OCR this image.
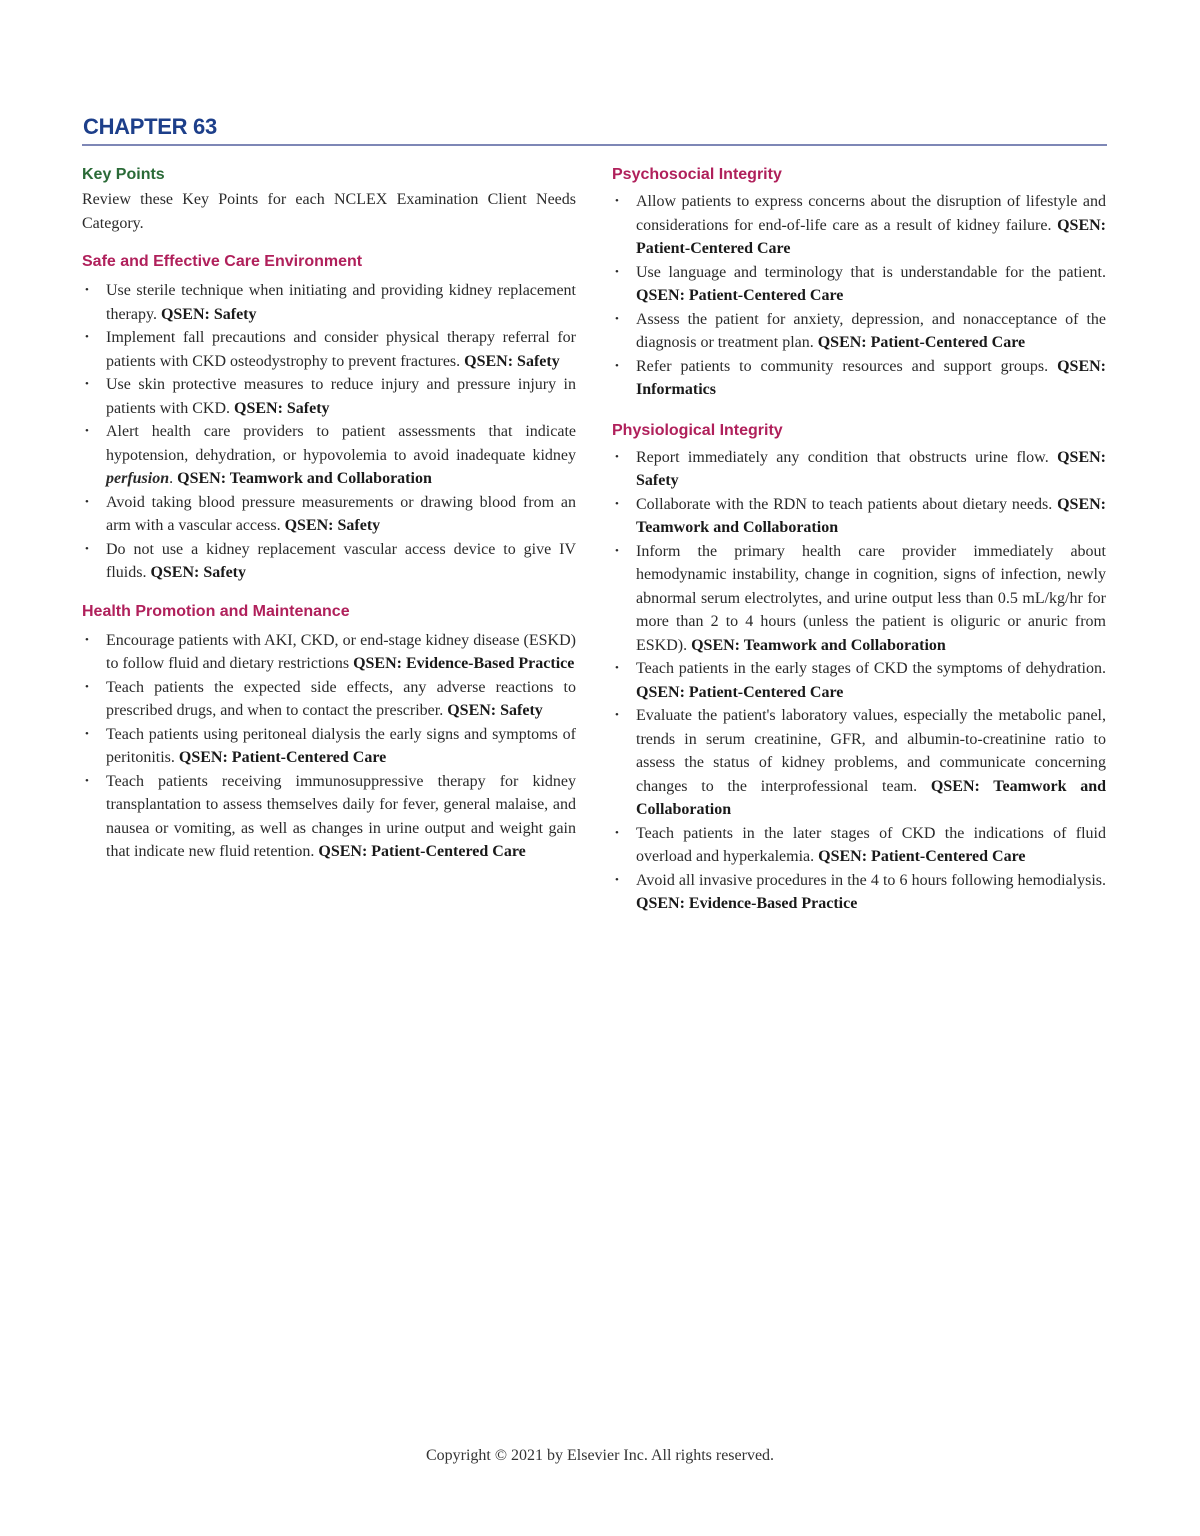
CHAPTER 63
Key Points

Review these Key Points for each NCLEX Examination Client Needs Category.

Safe and Effective Care Environment
• Use sterile technique when initiating and providing kidney replacement therapy. QSEN: Safety
• Implement fall precautions and consider physical therapy referral for patients with CKD osteodystrophy to prevent fractures. QSEN: Safety
• Use skin protective measures to reduce injury and pressure injury in patients with CKD. QSEN: Safety
• Alert health care providers to patient assessments that indicate hypotension, dehydration, or hypovolemia to avoid inadequate kidney perfusion. QSEN: Teamwork and Collaboration
• Avoid taking blood pressure measurements or drawing blood from an arm with a vascular access. QSEN: Safety
• Do not use a kidney replacement vascular access device to give IV fluids. QSEN: Safety
Health Promotion and Maintenance
• Encourage patients with AKI, CKD, or end-stage kidney disease (ESKD) to follow fluid and dietary restrictions QSEN: Evidence-Based Practice
• Teach patients the expected side effects, any adverse reactions to prescribed drugs, and when to contact the prescriber. QSEN: Safety
• Teach patients using peritoneal dialysis the early signs and symptoms of peritonitis. QSEN: Patient-Centered Care
• Teach patients receiving immunosuppressive therapy for kidney transplantation to assess themselves daily for fever, general malaise, and nausea or vomiting, as well as changes in urine output and weight gain that indicate new fluid retention. QSEN: Patient-Centered Care
Psychosocial Integrity
• Allow patients to express concerns about the disruption of lifestyle and considerations for end-of-life care as a result of kidney failure. QSEN: Patient-Centered Care
• Use language and terminology that is understandable for the patient. QSEN: Patient-Centered Care
• Assess the patient for anxiety, depression, and nonacceptance of the diagnosis or treatment plan. QSEN: Patient-Centered Care
• Refer patients to community resources and support groups. QSEN: Informatics
Physiological Integrity
• Report immediately any condition that obstructs urine flow. QSEN: Safety
• Collaborate with the RDN to teach patients about dietary needs. QSEN: Teamwork and Collaboration
• Inform the primary health care provider immediately about hemodynamic instability, change in cognition, signs of infection, newly abnormal serum electrolytes, and urine output less than 0.5 mL/kg/hr for more than 2 to 4 hours (unless the patient is oliguric or anuric from ESKD). QSEN: Teamwork and Collaboration
• Teach patients in the early stages of CKD the symptoms of dehydration. QSEN: Patient-Centered Care
• Evaluate the patient's laboratory values, especially the metabolic panel, trends in serum creatinine, GFR, and albumin-to-creatinine ratio to assess the status of kidney problems, and communicate concerning changes to the interprofessional team. QSEN: Teamwork and Collaboration
• Teach patients in the later stages of CKD the indications of fluid overload and hyperkalemia. QSEN: Patient-Centered Care
• Avoid all invasive procedures in the 4 to 6 hours following hemodialysis. QSEN: Evidence-Based Practice
Copyright © 2021 by Elsevier Inc. All rights reserved.
